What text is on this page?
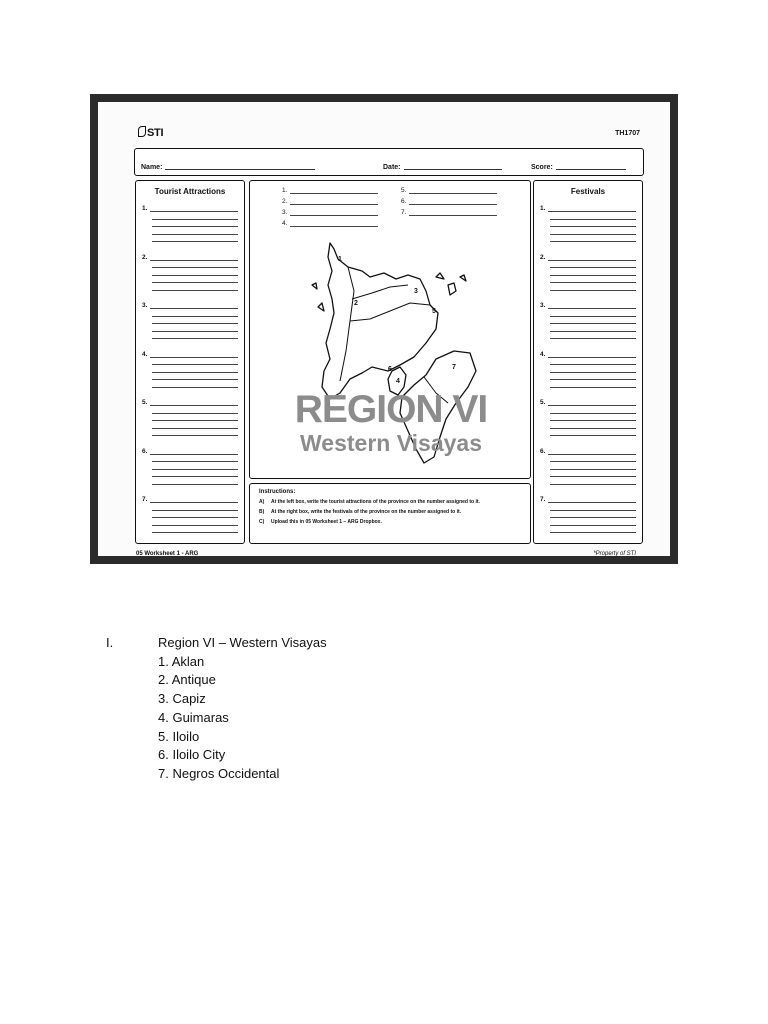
STI	TH1707
Name:	Date:	Score:
Tourist Attractions
1.
2.
3.
4.
5.
6.
7.
Festivals
1.
2.
3.
4.
5.
6.
7.
1.
2.
3.
4.
5.
6.
7.
1
2
3
4
5
6	7
REGION VI
Western Visayas
Instructions:
A) At the left box, write the tourist attractions of the province on the number assigned to it.
B) At the right box, write the festivals of the province on the number assigned to it.
C) Upload this in 05 Worksheet 1 – ARG Dropbox.
05 Worksheet 1 - ARG	*Property of STI
I.	Region VI – Western Visayas
1. Aklan
2. Antique
3. Capiz
4. Guimaras
5. Iloilo
6. Iloilo City
7. Negros Occidental
